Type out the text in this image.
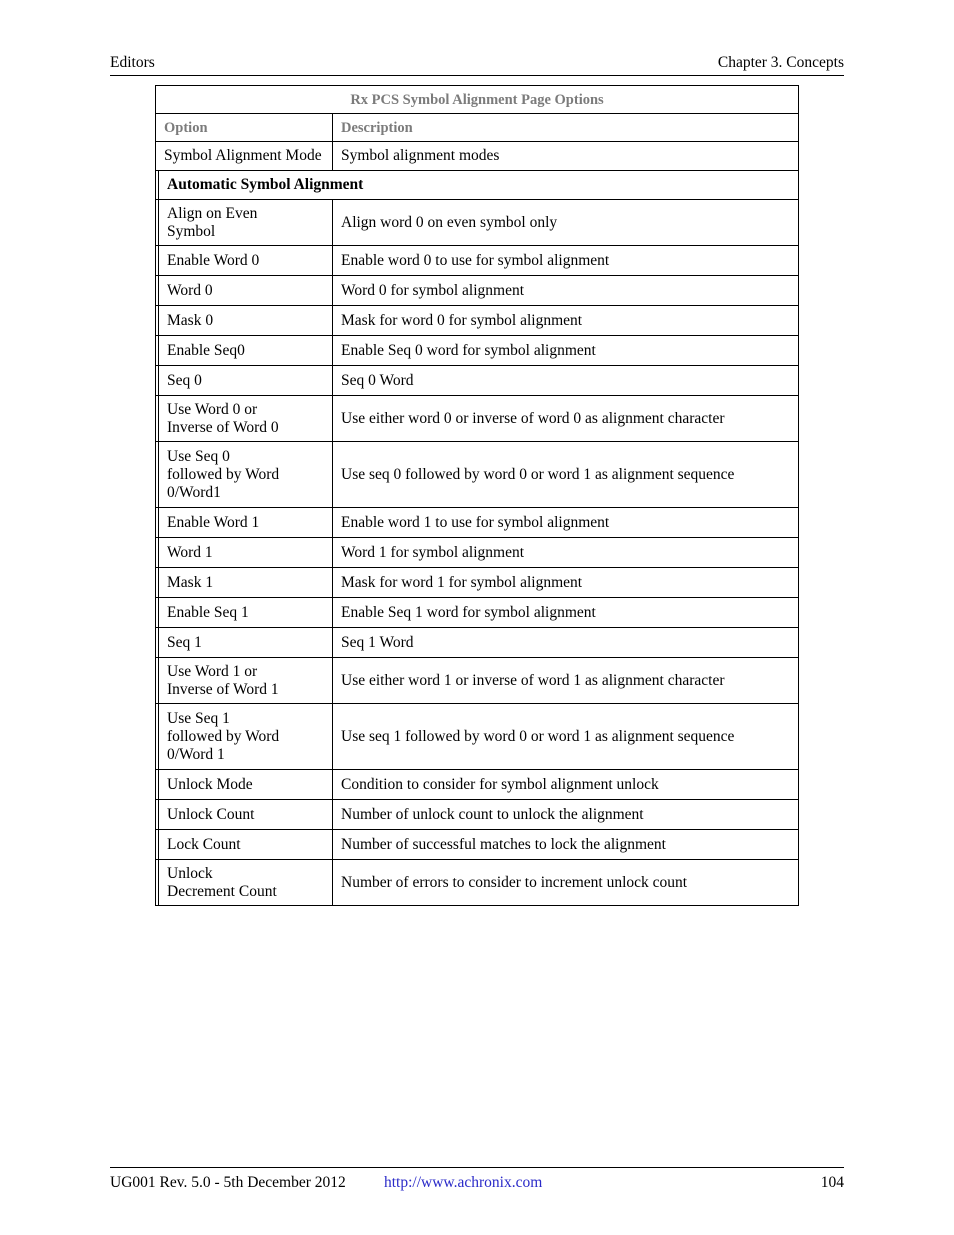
Editors	Chapter 3. Concepts
Rx PCS Symbol Alignment Page Options		
Option		Description
Symbol Alignment Mode		Symbol alignment modes
	Automatic Symbol Alignment	

	Align on Even
Symbol	Align word 0 on even symbol only

	Enable Word 0	Enable word 0 to use for symbol alignment

	Word 0	Word 0 for symbol alignment

	Mask 0	Mask for word 0 for symbol alignment

	Enable Seq0	Enable Seq 0 word for symbol alignment

	Seq 0	Seq 0 Word

	Use Word 0 or
Inverse of Word 0	Use either word 0 or inverse of word 0 as alignment character

	Use Seq 0
followed by Word
0/Word1	Use seq 0 followed by word 0 or word 1 as alignment sequence

	Enable Word 1	Enable word 1 to use for symbol alignment

	Word 1	Word 1 for symbol alignment

	Mask 1	Mask for word 1 for symbol alignment

	Enable Seq 1	Enable Seq 1 word for symbol alignment

	Seq 1	Seq 1 Word

	Use Word 1 or
Inverse of Word 1	Use either word 1 or inverse of word 1 as alignment character

	Use Seq 1
followed by Word
0/Word 1	Use seq 1 followed by word 0 or word 1 as alignment sequence

	Unlock Mode	Condition to consider for symbol alignment unlock

	Unlock Count	Number of unlock count to unlock the alignment

	Lock Count	Number of successful matches to lock the alignment

	Unlock
Decrement Count	Number of errors to consider to increment unlock count
UG001 Rev. 5.0 - 5th December 2012 http://www.achronix.com	104
